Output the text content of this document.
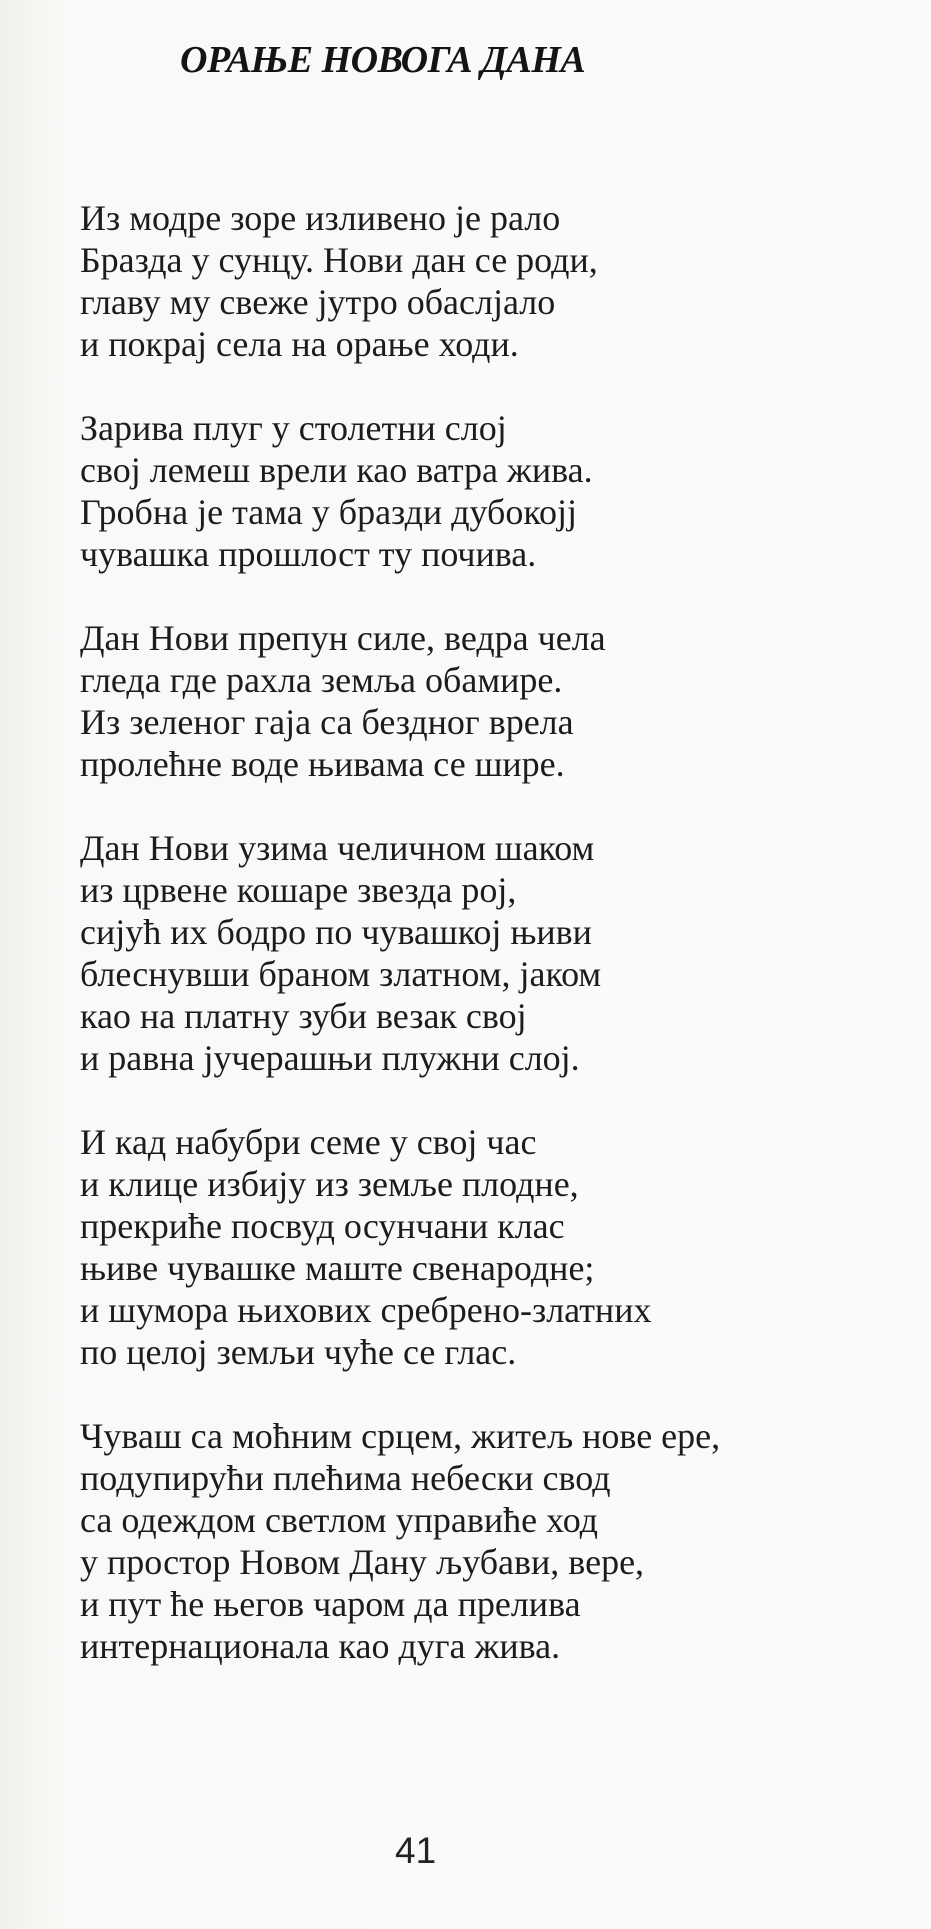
ОРАЊЕ НОВОГА ДАНА
Из модре зоре изливено је рало
Бразда у сунцу. Нови дан се роди,
главу му свеже јутро обаслјало
и покрај села на орање ходи.
Зарива плуг у столетни слој
свој лемеш врели као ватра жива.
Гробна је тама у бразди дубокојј
чувашка прошлост ту почива.
Дан Нови препун силе, ведра чела
гледа где рахла земља обамире.
Из зеленог гаја са бездног врела
пролећне воде њивама се шире.
Дан Нови узима челичном шаком
из црвене кошаре звезда рој,
сијућ их бодро по чувашкој њиви
блеснувши браном златном, јаком
као на платну зуби везак свој
и равна јучерашњи плужни слој.
И кад набубри семе у свој час
и клице избију из земље плодне,
прекриће посвуд осунчани клас
њиве чувашке маште свенародне;
и шумора њихових сребрено-златних
по целој земљи чуће се глас.
Чуваш са моћним срцем, житељ нове ере,
подупирући плећима небески свод
са одеждом светлом управиће ход
у простор Новом Дану љубави, вере,
и пут ће његов чаром да прелива
интернационала као дуга жива.
41
